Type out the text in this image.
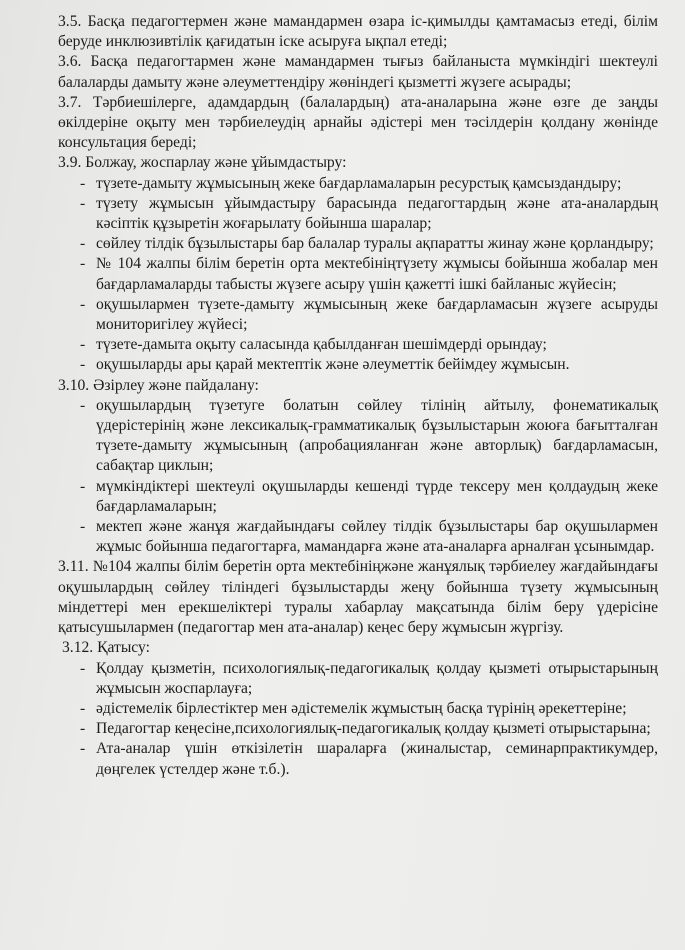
3.5. Басқа педагогтермен және мамандармен өзара іс-қимылды қамтамасыз етеді, білім беруде инклюзивтілік қағидатын іске асыруға ықпал етеді;

3.6. Басқа педагогтармен және мамандармен тығыз байланыста мүмкіндігі шектеулі балаларды дамыту және әлеуметтендіру жөніндегі қызметті жүзеге асырады;

3.7. Тәрбиешілерге, адамдардың (балалардың) ата-аналарына және өзге де заңды өкілдеріне оқыту мен тәрбиелеудің арнайы әдістері мен тәсілдерін қолдану жөнінде консультация береді;

3.9. Болжау, жоспарлау және ұйымдастыру:

- түзете-дамыту жұмысының жеке бағдарламаларын ресурстық қамсыздандыру;
- түзету жұмысын ұйымдастыру барасында педагогтардың және ата-аналардың кәсіптік құзыретін жоғарылату бойынша шаралар;
- сөйлеу тілдік бұзылыстары бар балалар туралы ақпаратты жинау және қорландыру;
- № 104 жалпы білім беретін орта мектебініңтүзету жұмысы бойынша жобалар мен бағдарламаларды табысты жүзеге асыру үшін қажетті ішкі байланыс жүйесін;
- оқушылармен түзете-дамыту жұмысының жеке бағдарламасын жүзеге асыруды мониторигілеу жүйесі;
- түзете-дамыта оқыту саласында қабылданған шешімдерді орындау;
- оқушыларды ары қарай мектептік және әлеуметтік бейімдеу жұмысын.

3.10. Әзірлеу және пайдалану:

- оқушылардың түзетуге болатын сөйлеу тілінің айтылу, фонематикалық үдерістерінің және лексикалық-грамматикалық бұзылыстарын жоюға бағытталған түзете-дамыту жұмысының (апробацияланған және авторлық) бағдарламасын, сабақтар циклын;
- мүмкіндіктері шектеулі оқушыларды кешенді түрде тексеру мен қолдаудың жеке бағдарламаларын;
- мектеп және жанұя жағдайындағы сөйлеу тілдік бұзылыстары бар оқушылармен жұмыс бойынша педагогтарға, мамандарға және ата-аналарға арналған ұсынымдар.

3.11. №104 жалпы білім беретін орта мектебініңжәне жанұялық тәрбиелеу жағдайындағы оқушылардың сөйлеу тіліндегі бұзылыстарды жеңу бойынша түзету жұмысының міндеттері мен ерекшеліктері туралы хабарлау мақсатында білім беру үдерісіне қатысушылармен (педагогтар мен ата-аналар) кеңес беру жұмысын жүргізу.

3.12. Қатысу:

- Қолдау қызметін, психологиялық-педагогикалық қолдау қызметі отырыстарының жұмысын жоспарлауға;
- әдістемелік бірлестіктер мен әдістемелік жұмыстың басқа түрінің әрекеттеріне;
- Педагогтар кеңесіне,психологиялық-педагогикалық қолдау қызметі отырыстарына;
- Ата-аналар үшін өткізілетін шараларға (жиналыстар, семинарпрактикумдер, дөңгелек үстелдер және т.б.).
